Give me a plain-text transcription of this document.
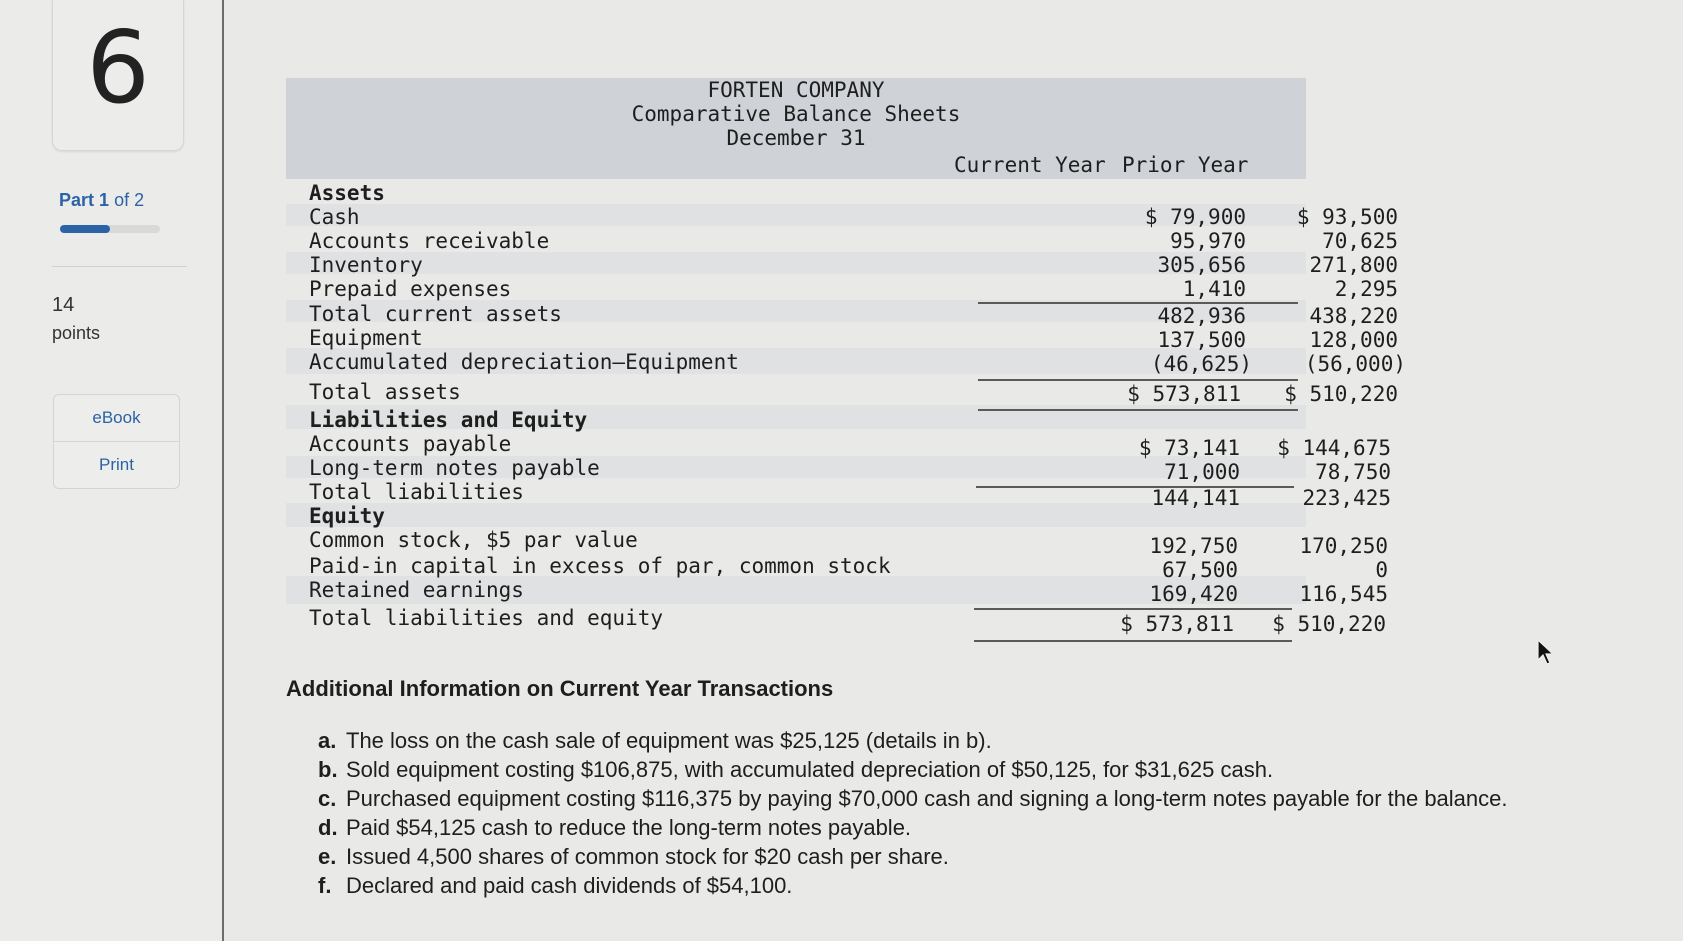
6
Part 1 of 2
14
points
eBook
Print
FORTEN COMPANY
Comparative Balance Sheets
December 31
Current Year Prior Year
Assets
Cash	$ 79,900	$ 93,500
Accounts receivable	95,970	70,625
Inventory	305,656	271,800
Prepaid expenses	1,410	2,295
Total current assets	482,936	438,220
Equipment	137,500	128,000
Accumulated depreciation—Equipment	(46,625)	(56,000)
Total assets	$ 573,811	$ 510,220
Liabilities and Equity
Accounts payable	$ 73,141	$ 144,675
Long-term notes payable	71,000	78,750
Total liabilities	144,141	223,425
Equity
Common stock, $5 par value	192,750	170,250
Paid-in capital in excess of par, common stock	67,500	0
Retained earnings	169,420	116,545
Total liabilities and equity	$ 573,811	$ 510,220
Additional Information on Current Year Transactions
a. The loss on the cash sale of equipment was $25,125 (details in b).
b. Sold equipment costing $106,875, with accumulated depreciation of $50,125, for $31,625 cash.
c. Purchased equipment costing $116,375 by paying $70,000 cash and signing a long-term notes payable for the balance.
d. Paid $54,125 cash to reduce the long-term notes payable.
e. Issued 4,500 shares of common stock for $20 cash per share.
f. Declared and paid cash dividends of $54,100.
